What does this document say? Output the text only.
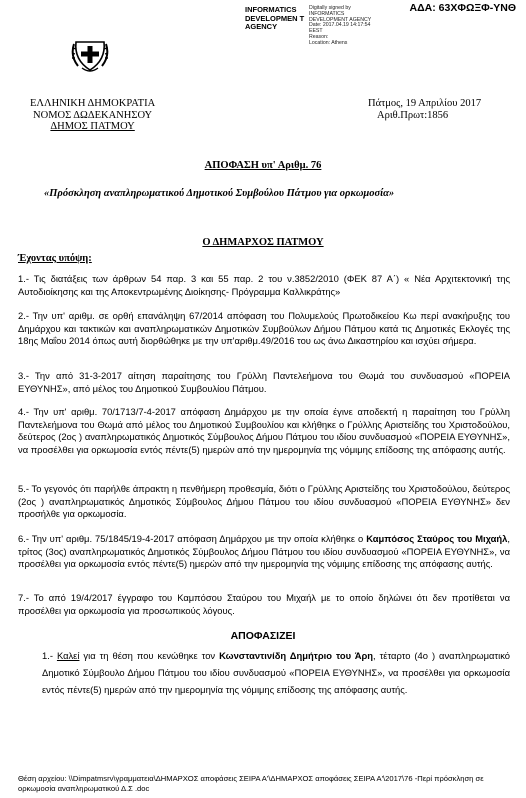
ΑΔΑ: 63ΧΦΩΞΦ-ΥΝΘ
INFORMATICS DEVELOPMEN T AGENCY
Digitally signed by
INFORMATICS
DEVELOPMENT AGENCY
Date: 2017.04.19 14:17:54
EEST
Reason:
Location: Athens
ΕΛΛΗΝΙΚΗ ΔΗΜΟΚΡΑΤΙΑ
ΝΟΜΟΣ ΔΩΔΕΚΑΝΗΣΟΥ
ΔΗΜΟΣ ΠΑΤΜΟΥ
Πάτμος, 19 Απριλίου 2017
Αριθ.Πρωτ:1856
ΑΠΟΦΑΣΗ υπ' Αριθμ. 76
«Πρόσκληση αναπληρωματικού Δημοτικού Συμβούλου Πάτμου για ορκωμοσία»
Ο ΔΗΜΑΡΧΟΣ ΠΑΤΜΟΥ
Έχοντας υπόψη:
1.- Τις διατάξεις των άρθρων 54 παρ. 3 και 55 παρ. 2 του ν.3852/2010 (ΦΕΚ 87 Α΄) « Νέα Αρχιτεκτονική της Αυτοδιοίκησης και της Αποκεντρωμένης Διοίκησης- Πρόγραμμα Καλλικράτης»
2.- Την υπ' αριθμ. σε ορθή επανάληψη 67/2014 απόφαση του Πολυμελούς Πρωτοδικείου Κω περί ανακήρυξης του Δημάρχου και τακτικών και αναπληρωματικών Δημοτικών Συμβούλων Δήμου Πάτμου κατά τις Δημοτικές Εκλογές της 18ης Μαΐου 2014 όπως αυτή διορθώθηκε με την υπ'αριθμ.49/2016 του ως άνω Δικαστηρίου και ισχύει σήμερα.
3.- Την από 31-3-2017 αίτηση παραίτησης του Γρύλλη Παντελεήμονα του Θωμά του συνδυασμού «ΠΟΡΕΙΑ ΕΥΘΥΝΗΣ», από μέλος του Δημοτικού Συμβουλίου Πάτμου.
4.- Την υπ' αριθμ. 70/1713/7-4-2017 απόφαση Δημάρχου με την οποία έγινε αποδεκτή η παραίτηση του Γρύλλη Παντελεήμονα του Θωμά από μέλος του Δημοτικού Συμβουλίου και κλήθηκε ο Γρύλλης Αριστείδης του Χριστοδούλου, δεύτερος (2ος ) αναπληρωματικός Δημοτικός Σύμβουλος Δήμου Πάτμου του ιδίου συνδυασμού «ΠΟΡΕΙΑ ΕΥΘΥΝΗΣ», να προσέλθει για ορκωμοσία εντός πέντε(5) ημερών από την ημερομηνία της νόμιμης επίδοσης της απόφασης αυτής.
5.- Το γεγονός ότι παρήλθε άπρακτη η πενθήμερη προθεσμία, διότι ο Γρύλλης Αριστείδης του Χριστοδούλου, δεύτερος (2ος ) αναπληρωματικός Δημοτικός Σύμβουλος Δήμου Πάτμου του ιδίου συνδυασμού «ΠΟΡΕΙΑ ΕΥΘΥΝΗΣ» δεν προσήλθε για ορκωμοσία.
6.- Την υπ' αριθμ. 75/1845/19-4-2017 απόφαση Δημάρχου με την οποία κλήθηκε ο Καμπόσος Σταύρος του Μιχαήλ, τρίτος (3ος) αναπληρωματικός Δημοτικός Σύμβουλος Δήμου Πάτμου του ιδίου συνδυασμού «ΠΟΡΕΙΑ ΕΥΘΥΝΗΣ», να προσέλθει για ορκωμοσία εντός πέντε(5) ημερών από την ημερομηνία της νόμιμης επίδοσης της απόφασης αυτής.
7.- Το από 19/4/2017 έγγραφο του Καμπόσου Σταύρου του Μιχαήλ με το οποίο δηλώνει ότι δεν προτίθεται να προσέλθει για ορκωμοσία για προσωπικούς λόγους.
ΑΠΟΦΑΣΙΖΕΙ
1.- Καλεί για τη θέση που κενώθηκε τον Κωνσταντινίδη Δημήτριο του Άρη, τέταρτο (4ο ) αναπληρωματικό Δημοτικό Σύμβουλο Δήμου Πάτμου του ιδίου συνδυασμού «ΠΟΡΕΙΑ ΕΥΘΥΝΗΣ», να προσέλθει για ορκωμοσία εντός πέντε(5) ημερών από την ημερομηνία της νόμιμης επίδοσης της απόφασης αυτής.
Θέση αρχείου: \\Dimpatmsrv\γραμματεια\ΔΗΜΑΡΧΟΣ αποφάσεις ΣΕΙΡΑ Α'\ΔΗΜΑΡΧΟΣ αποφάσεις ΣΕΙΡΑ Α'\2017\76 -Περί πρόσκληση σε ορκωμοσία αναπληρωματικού Δ.Σ .doc
